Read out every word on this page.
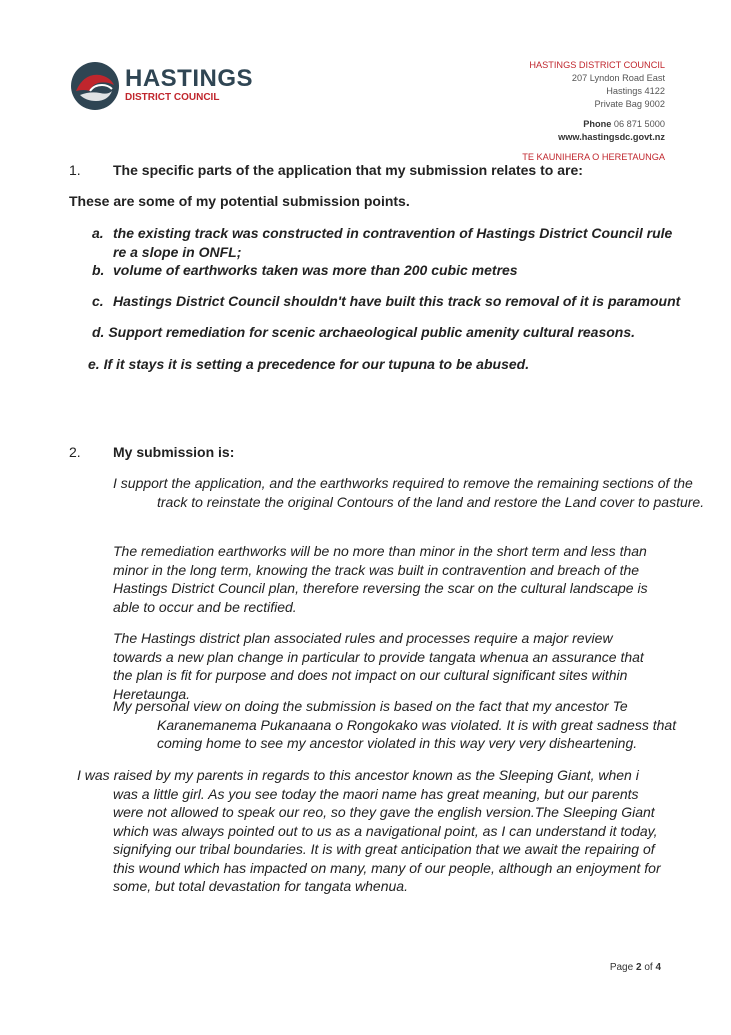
HASTINGS
DISTRICT COUNCIL
HASTINGS DISTRICT COUNCIL
207 Lyndon Road East
Hastings 4122
Private Bag 9002
Phone 06 871 5000
www.hastingsdc.govt.nz
TE KAUNIHERA O HERETAUNGA
1. The specific parts of the application that my submission relates to are:
These are some of my potential submission points.
a. the existing track was constructed in contravention of Hastings District Council rule re a slope in ONFL;
b. volume of earthworks taken was more than 200 cubic metres
c. Hastings District Council shouldn't have built this track so removal of it is paramount
d. Support remediation for scenic archaeological public amenity cultural reasons.
e. If it stays it is setting a precedence for our tupuna to be abused.
2. My submission is:
I support the application, and the earthworks required to remove the remaining sections of the track to reinstate the original Contours of the land and restore the Land cover to pasture.
The remediation earthworks will be no more than minor in the short term and less than minor in the long term, knowing the track was built in contravention and breach of the Hastings District Council plan, therefore reversing the scar on the cultural landscape is able to occur and be rectified.
The Hastings district plan associated rules and processes require a major review towards a new plan change in particular to provide tangata whenua an assurance that the plan is fit for purpose and does not impact on our cultural significant sites within Heretaunga.
My personal view on doing the submission is based on the fact that my ancestor Te Karanemanema Pukanaana o Rongokako was violated. It is with great sadness that coming home to see my ancestor violated in this way very very disheartening.
I was raised by my parents in regards to this ancestor known as the Sleeping Giant, when i was a little girl. As you see today the maori name has great meaning, but our parents were not allowed to speak our reo, so they gave the english version.The Sleeping Giant which was always pointed out to us as a navigational point, as I can understand it today, signifying our tribal boundaries. It is with great anticipation that we await the repairing of this wound which has impacted on many, many of our people, although an enjoyment for some, but total devastation for tangata whenua.
Page 2 of 4
